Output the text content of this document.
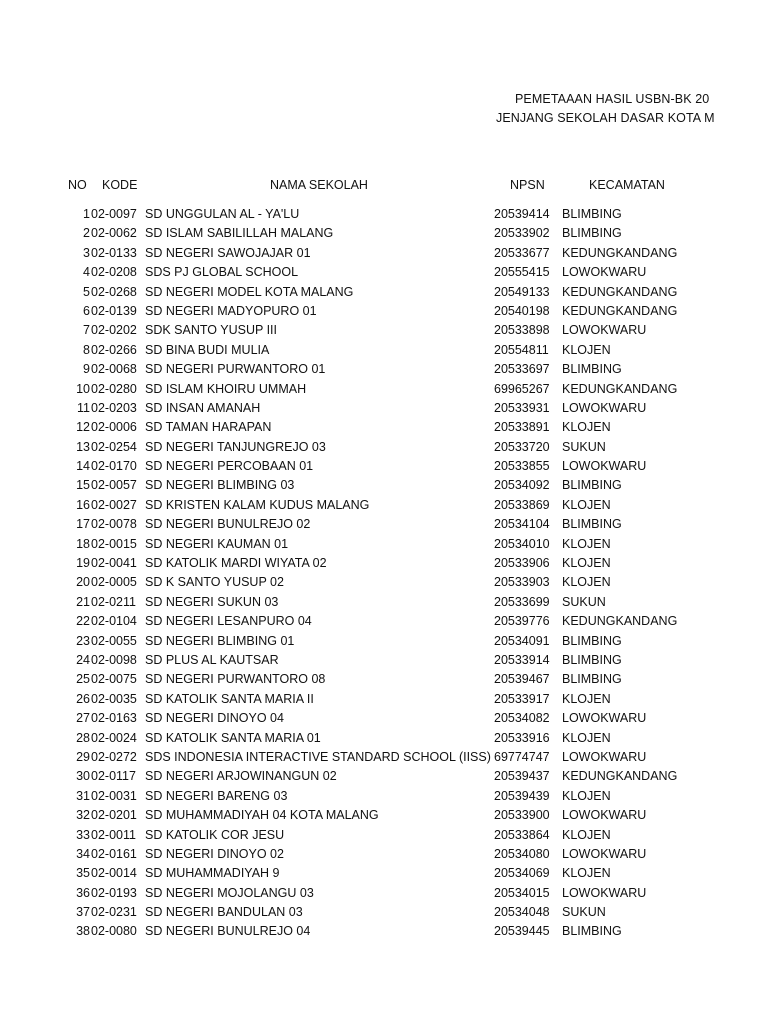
PEMETAAAN HASIL USBN-BK 20
JENJANG SEKOLAH DASAR KOTA M
NO KODE	NAMA SEKOLAH	NPSN	KECAMATAN
1 02-0097 SD UNGGULAN AL - YA'LU	20539414 BLIMBING
2 02-0062 SD ISLAM SABILILLAH MALANG	20533902 BLIMBING
3 02-0133 SD NEGERI SAWOJAJAR 01	20533677 KEDUNGKANDANG
4 02-0208 SDS PJ GLOBAL SCHOOL	20555415 LOWOKWARU
5 02-0268 SD NEGERI MODEL KOTA MALANG	20549133 KEDUNGKANDANG
6 02-0139 SD NEGERI MADYOPURO 01	20540198 KEDUNGKANDANG
7 02-0202 SDK SANTO YUSUP III	20533898 LOWOKWARU
8 02-0266 SD BINA BUDI MULIA	20554811 KLOJEN
9 02-0068 SD NEGERI PURWANTORO 01	20533697 BLIMBING
10 02-0280 SD ISLAM KHOIRU UMMAH	69965267 KEDUNGKANDANG
11 02-0203 SD INSAN AMANAH	20533931 LOWOKWARU
12 02-0006 SD TAMAN HARAPAN	20533891 KLOJEN
13 02-0254 SD NEGERI TANJUNGREJO 03	20533720 SUKUN
14 02-0170 SD NEGERI PERCOBAAN 01	20533855 LOWOKWARU
15 02-0057 SD NEGERI BLIMBING 03	20534092 BLIMBING
16 02-0027 SD KRISTEN KALAM KUDUS MALANG	20533869 KLOJEN
17 02-0078 SD NEGERI BUNULREJO 02	20534104 BLIMBING
18 02-0015 SD NEGERI KAUMAN 01	20534010 KLOJEN
19 02-0041 SD KATOLIK MARDI WIYATA 02	20533906 KLOJEN
20 02-0005 SD K SANTO YUSUP 02	20533903 KLOJEN
21 02-0211 SD NEGERI SUKUN 03	20533699 SUKUN
22 02-0104 SD NEGERI LESANPURO 04	20539776 KEDUNGKANDANG
23 02-0055 SD NEGERI BLIMBING 01	20534091 BLIMBING
24 02-0098 SD PLUS AL KAUTSAR	20533914 BLIMBING
25 02-0075 SD NEGERI PURWANTORO 08	20539467 BLIMBING
26 02-0035 SD KATOLIK SANTA MARIA II	20533917 KLOJEN
27 02-0163 SD NEGERI DINOYO 04	20534082 LOWOKWARU
28 02-0024 SD KATOLIK SANTA MARIA 01	20533916 KLOJEN
29 02-0272 SDS INDONESIA INTERACTIVE STANDARD SCHOOL (IISS) 69774747 LOWOKWARU
30 02-0117 SD NEGERI ARJOWINANGUN 02	20539437 KEDUNGKANDANG
31 02-0031 SD NEGERI BARENG 03	20539439 KLOJEN
32 02-0201 SD MUHAMMADIYAH 04 KOTA MALANG	20533900 LOWOKWARU
33 02-0011 SD KATOLIK COR JESU	20533864 KLOJEN
34 02-0161 SD NEGERI DINOYO 02	20534080 LOWOKWARU
35 02-0014 SD MUHAMMADIYAH 9	20534069 KLOJEN
36 02-0193 SD NEGERI MOJOLANGU 03	20534015 LOWOKWARU
37 02-0231 SD NEGERI BANDULAN 03	20534048 SUKUN
38 02-0080 SD NEGERI BUNULREJO 04	20539445 BLIMBING
